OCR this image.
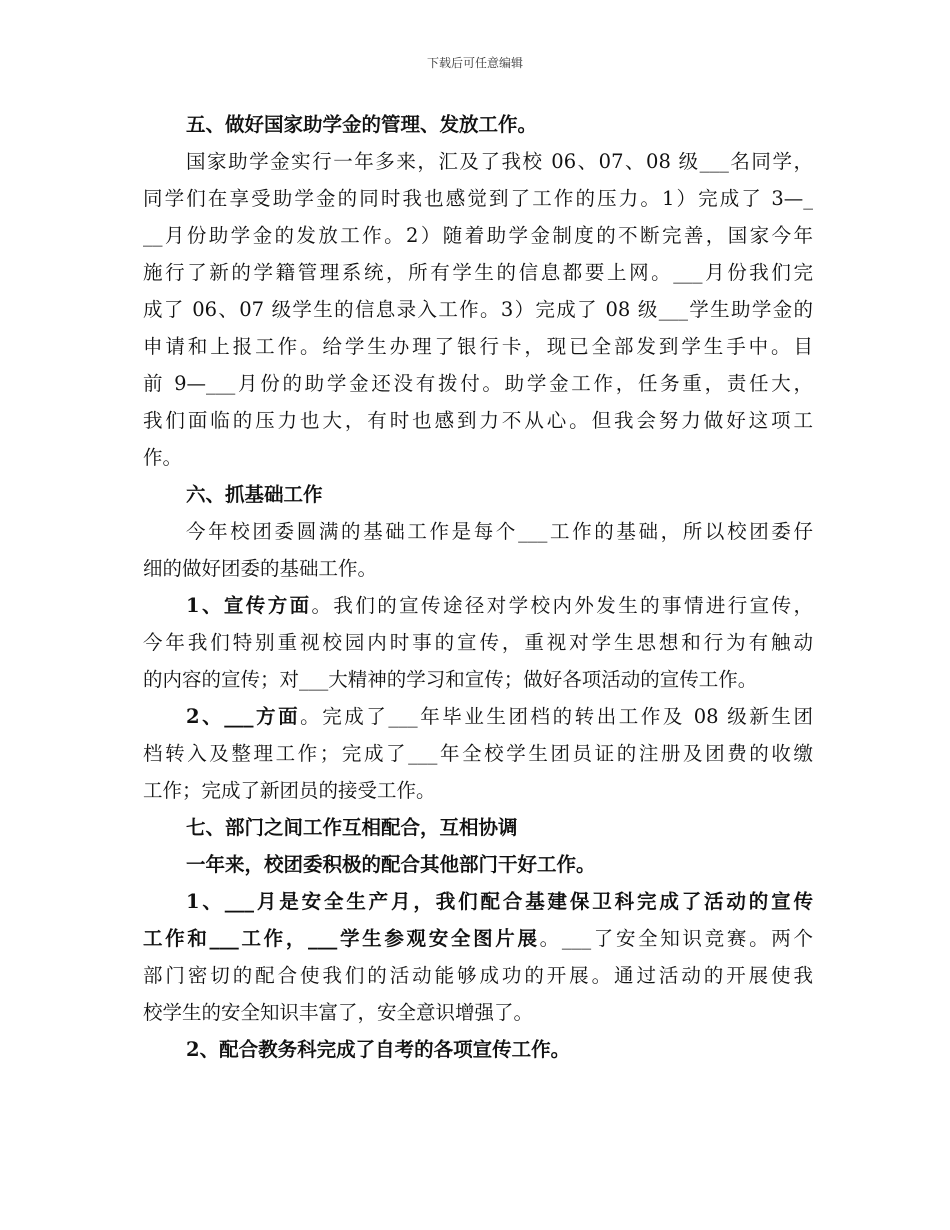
下载后可任意编辑
五、做好国家助学金的管理、发放工作。
国家助学金实行一年多来，汇及了我校 06、07、08 级___名同学，
同学们在享受助学金的同时我也感觉到了工作的压力。1）完成了 3—_
__月份助学金的发放工作。2）随着助学金制度的不断完善，国家今年
施行了新的学籍管理系统，所有学生的信息都要上网。___月份我们完
成了 06、07 级学生的信息录入工作。3）完成了 08 级___学生助学金的
申请和上报工作。给学生办理了银行卡，现已全部发到学生手中。目
前 9—___月份的助学金还没有拨付。助学金工作，任务重，责任大，
我们面临的压力也大，有时也感到力不从心。但我会努力做好这项工
作。
六、抓基础工作
今年校团委圆满的基础工作是每个___工作的基础，所以校团委仔
细的做好团委的基础工作。
1、宣传方面。我们的宣传途径对学校内外发生的事情进行宣传，
今年我们特别重视校园内时事的宣传，重视对学生思想和行为有触动
的内容的宣传；对___大精神的学习和宣传；做好各项活动的宣传工作。
2、___方面。完成了___年毕业生团档的转出工作及 08 级新生团
档转入及整理工作；完成了___年全校学生团员证的注册及团费的收缴
工作；完成了新团员的接受工作。
七、部门之间工作互相配合，互相协调
一年来，校团委积极的配合其他部门干好工作。
1、___月是安全生产月，我们配合基建保卫科完成了活动的宣传
工作和___工作，___学生参观安全图片展。___了安全知识竞赛。两个
部门密切的配合使我们的活动能够成功的开展。通过活动的开展使我
校学生的安全知识丰富了，安全意识增强了。
2、配合教务科完成了自考的各项宣传工作。
